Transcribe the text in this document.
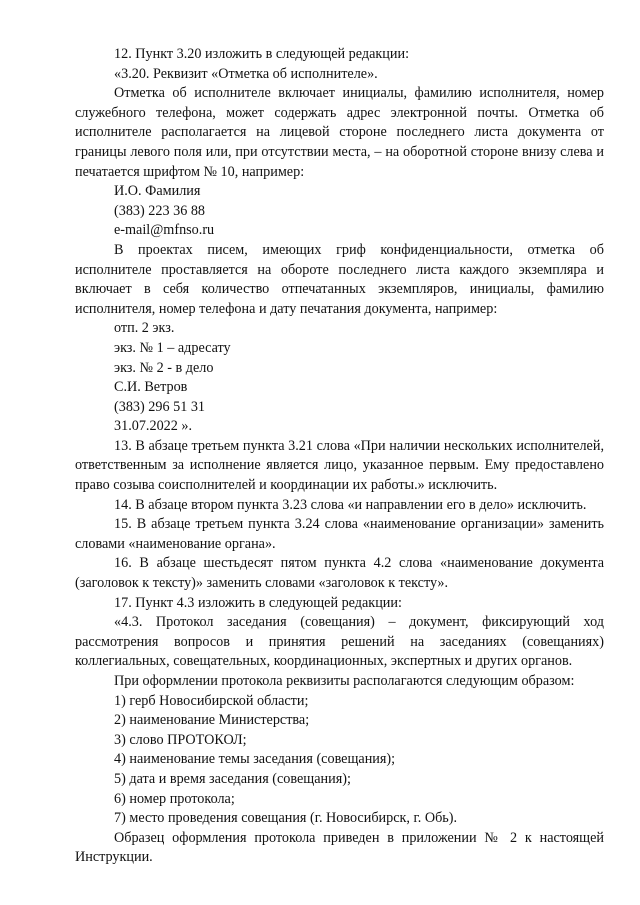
12. Пункт 3.20 изложить в следующей редакции:

«3.20. Реквизит «Отметка об исполнителе».

Отметка об исполнителе включает инициалы, фамилию исполнителя, номер служебного телефона, может содержать адрес электронной почты. Отметка об исполнителе располагается на лицевой стороне последнего листа документа от границы левого поля или, при отсутствии места, – на оборотной стороне внизу слева и печатается шрифтом № 10, например:

И.О. Фамилия

(383) 223 36 88

e-mail@mfnso.ru

В проектах писем, имеющих гриф конфиденциальности, отметка об исполнителе проставляется на обороте последнего листа каждого экземпляра и включает в себя количество отпечатанных экземпляров, инициалы, фамилию исполнителя, номер телефона и дату печатания документа, например:

отп. 2 экз.

экз. № 1 – адресату

экз. № 2 - в дело

С.И. Ветров

(383) 296 51 31

31.07.2022 ».

13. В абзаце третьем пункта 3.21 слова «При наличии нескольких исполнителей, ответственным за исполнение является лицо, указанное первым. Ему предоставлено право созыва соисполнителей и координации их работы.» исключить.

14. В абзаце втором пункта 3.23 слова «и направлении его в дело» исключить.

15. В абзаце третьем пункта 3.24 слова «наименование организации» заменить словами «наименование органа».

16. В абзаце шестьдесят пятом пункта 4.2 слова «наименование документа (заголовок к тексту)» заменить словами «заголовок к тексту».

17. Пункт 4.3 изложить в следующей редакции:

«4.3. Протокол заседания (совещания) – документ, фиксирующий ход рассмотрения вопросов и принятия решений на заседаниях (совещаниях) коллегиальных, совещательных, координационных, экспертных и других органов.

При оформлении протокола реквизиты располагаются следующим образом:

1) герб Новосибирской области;

2) наименование Министерства;

3) слово ПРОТОКОЛ;

4) наименование темы заседания (совещания);

5) дата и время заседания (совещания);

6) номер протокола;

7) место проведения совещания (г. Новосибирск, г. Обь).

Образец оформления протокола приведен в приложении № 2 к настоящей Инструкции.
